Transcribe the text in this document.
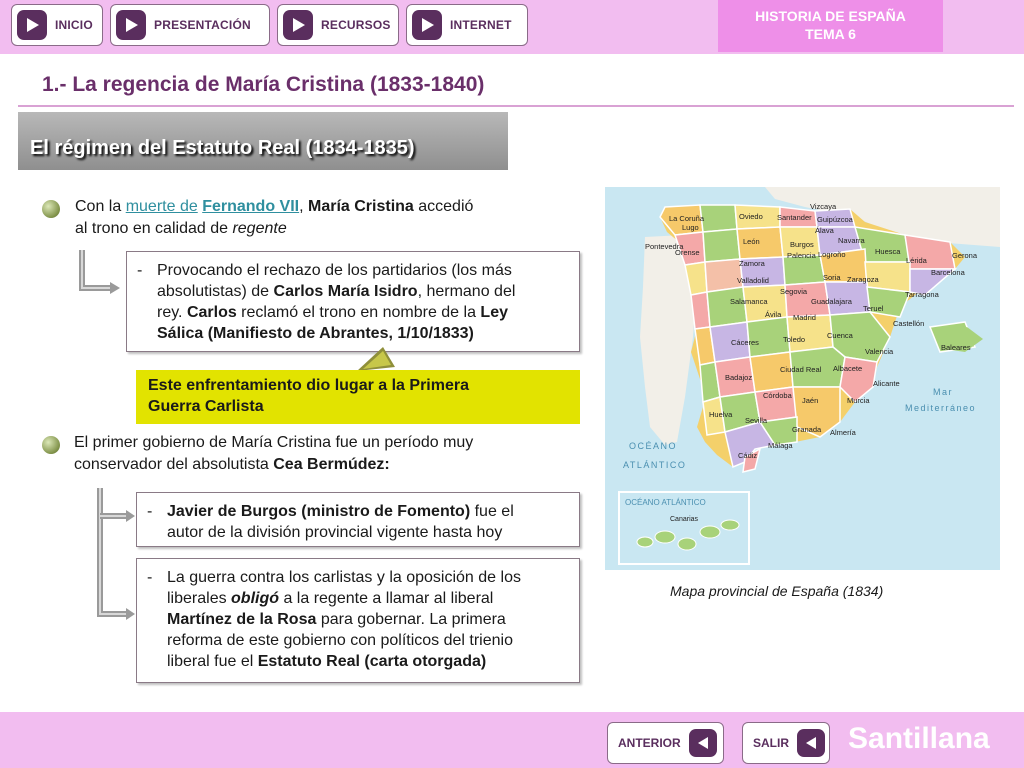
INICIO	PRESENTACIÓN	RECURSOS	INTERNET
HISTORIA DE ESPAÑA
TEMA 6
1.- La regencia de María Cristina (1833-1840)
El régimen del Estatuto Real (1834-1835)
Con la muerte de Fernando VII, María Cristina accedió
al trono en calidad de regente
- Provocando el rechazo de los partidarios (los más
absolutistas) de Carlos María Isidro, hermano del
rey. Carlos reclamó el trono en nombre de la Ley
Sálica (Manifiesto de Abrantes, 1/10/1833)
Este enfrentamiento dio lugar a la Primera
Guerra Carlista
El primer gobierno de María Cristina fue un período muy
conservador del absolutista Cea Bermúdez:
- Javier de Burgos (ministro de Fomento) fue el
autor de la división provincial vigente hasta hoy
- La guerra contra los carlistas y la oposición de los
liberales obligó a la regente a llamar al liberal
Martínez de la Rosa para gobernar. La primera
reforma de este gobierno con políticos del trienio
liberal fue el Estatuto Real (carta otorgada)
Vizcaya
La Coruña	Oviedo Santander Guipúzcoa
Lugo	Álava
Navarra
Pontevedra
León	Burgos
Huesca
Orense
Zamora
Palencia Logroño
Lérida
Gerona
Valladolid	Soria Zaragoza
Barcelona
Segovia	Tarragona
Salamanca	Guadalajara
Ávila Madrid
Teruel
Castellón
Cuenca
Cáceres	Toledo
Baleares
Valencia
Badajoz
Ciudad Real Albacete
Alicante
Córdoba
Huelva
Jaén	Murcia
Sevilla
Granada Almería
Málaga
Cádiz
Mar
Mediterráneo
OCÉANO
ATLÁNTICO
OCÉANO ATLÁNTICO
Canarias
Mapa provincial de España (1834)
ANTERIOR	SALIR Santillana
